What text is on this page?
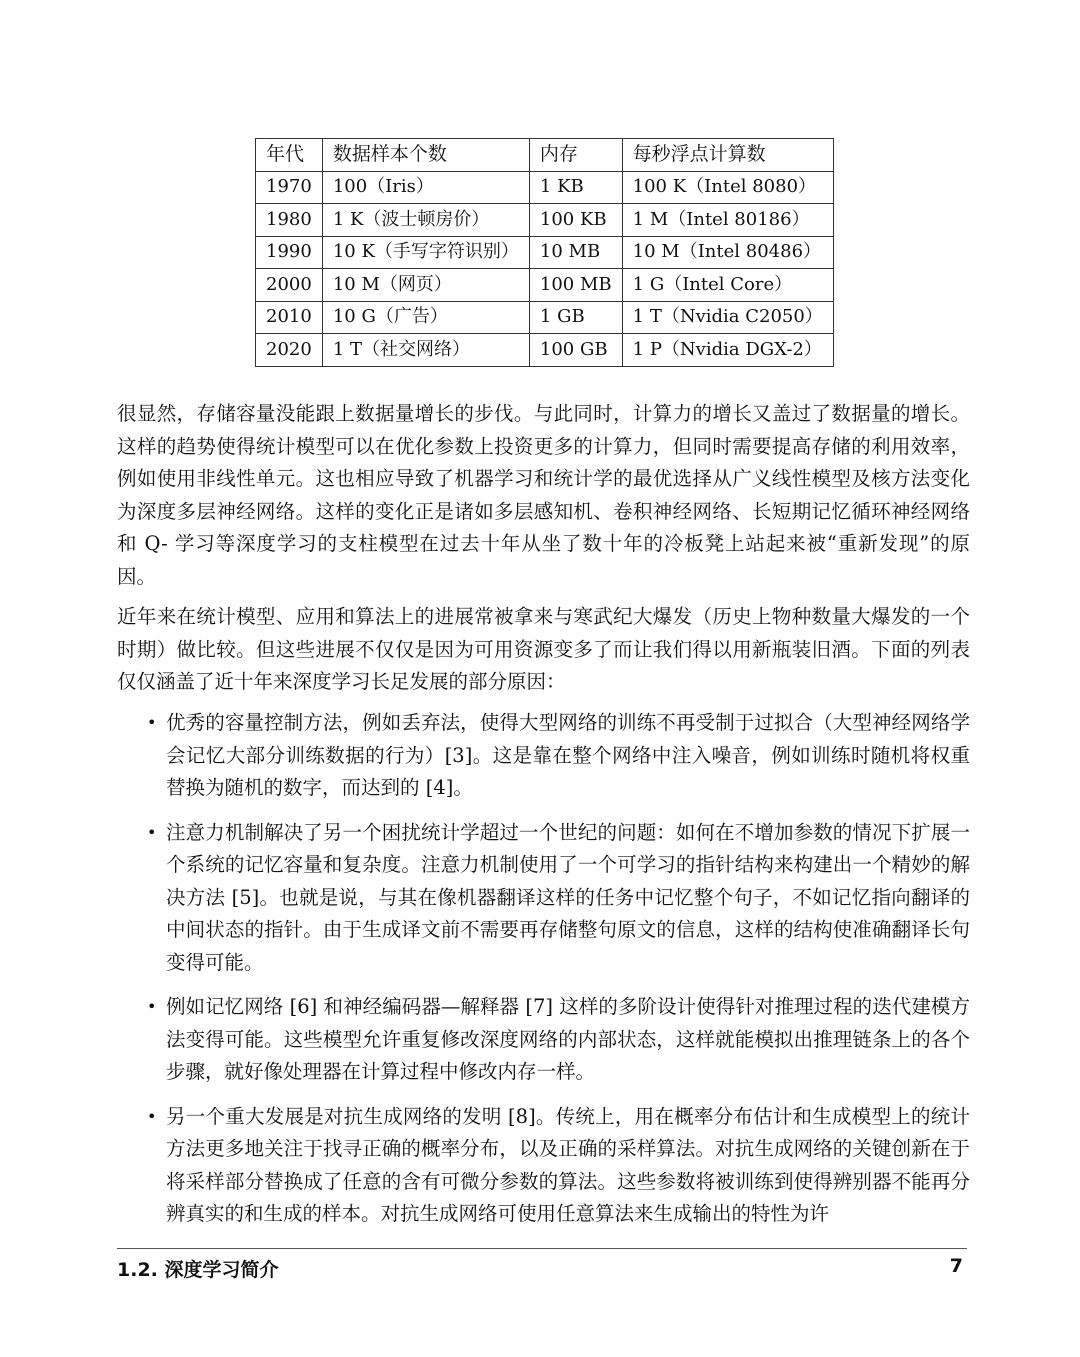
年代	数据样本个数	内存	每秒浮点计算数
1970	100（Iris）	1 KB	100 K（Intel 8080）
1980	1 K（波士顿房价）	100 KB	1 M（Intel 80186）
1990	10 K（手写字符识别）	10 MB	10 M（Intel 80486）
2000	10 M（网页）	100 MB	1 G（Intel Core）
2010	10 G（广告）	1 GB	1 T（Nvidia C2050）
2020	1 T（社交网络）	100 GB	1 P（Nvidia DGX-2）

很显然，存储容量没能跟上数据量增长的步伐。与此同时，计算力的增长又盖过了数据量的增长。这样的趋势使得统计模型可以在优化参数上投资更多的计算力，但同时需要提高存储的利用效率，例如使用非线性单元。这也相应导致了机器学习和统计学的最优选择从广义线性模型及核方法变化为深度多层神经网络。这样的变化正是诸如多层感知机、卷积神经网络、长短期记忆循环神经网络和 Q- 学习等深度学习的支柱模型在过去十年从坐了数十年的冷板凳上站起来被“重新发现”的原因。

近年来在统计模型、应用和算法上的进展常被拿来与寒武纪大爆发（历史上物种数量大爆发的一个时期）做比较。但这些进展不仅仅是因为可用资源变多了而让我们得以用新瓶装旧酒。下面的列表仅仅涵盖了近十年来深度学习长足发展的部分原因：

• 优秀的容量控制方法，例如丢弃法，使得大型网络的训练不再受制于过拟合（大型神经网络学会记忆大部分训练数据的行为）[3]。这是靠在整个网络中注入噪音，例如训练时随机将权重替换为随机的数字，而达到的 [4]。
• 注意力机制解决了另一个困扰统计学超过一个世纪的问题：如何在不增加参数的情况下扩展一个系统的记忆容量和复杂度。注意力机制使用了一个可学习的指针结构来构建出一个精妙的解决方法 [5]。也就是说，与其在像机器翻译这样的任务中记忆整个句子，不如记忆指向翻译的中间状态的指针。由于生成译文前不需要再存储整句原文的信息，这样的结构使准确翻译长句变得可能。
• 例如记忆网络 [6] 和神经编码器—解释器 [7] 这样的多阶设计使得针对推理过程的迭代建模方法变得可能。这些模型允许重复修改深度网络的内部状态，这样就能模拟出推理链条上的各个步骤，就好像处理器在计算过程中修改内存一样。
• 另一个重大发展是对抗生成网络的发明 [8]。传统上，用在概率分布估计和生成模型上的统计方法更多地关注于找寻正确的概率分布，以及正确的采样算法。对抗生成网络的关键创新在于将采样部分替换成了任意的含有可微分参数的算法。这些参数将被训练到使得辨别器不能再分辨真实的和生成的样本。对抗生成网络可使用任意算法来生成输出的特性为许
1.2. 深度学习简介	7
